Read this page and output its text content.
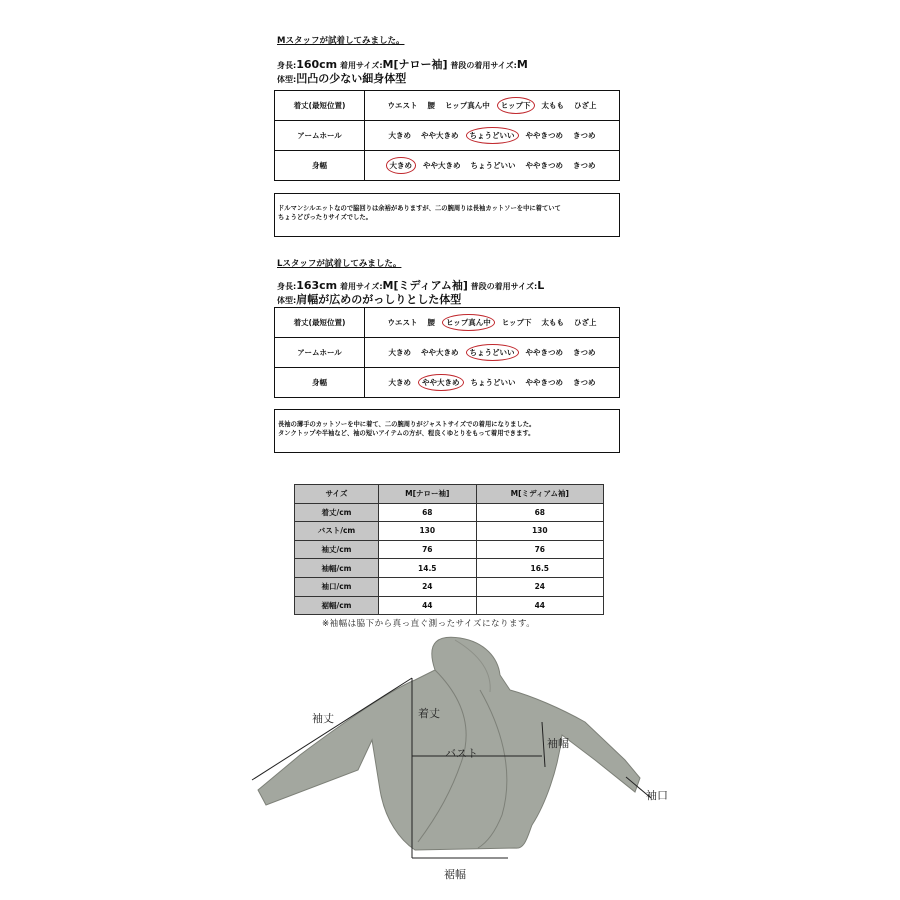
Mスタッフが試着してみました。
身長:160cm 着用サイズ:M[ナロー袖] 普段の着用サイズ:M
体型:凹凸の少ない細身体型
着丈(最短位置)	ウエスト 腰 ヒップ真ん中 ヒップ下 太もも ひざ上
アームホール	大きめ やや大きめ ちょうどいい ややきつめ きつめ
身幅	大きめ やや大きめ ちょうどいい ややきつめ きつめ
ドルマンシルエットなので脇回りは余裕がありますが、二の腕周りは長袖カットソーを中に着ていて
ちょうどぴったりサイズでした。
Lスタッフが試着してみました。
身長:163cm 着用サイズ:M[ミディアム袖] 普段の着用サイズ:L
体型:肩幅が広めのがっしりとした体型
着丈(最短位置)	ウエスト 腰 ヒップ真ん中 ヒップ下 太もも ひざ上
アームホール	大きめ やや大きめ ちょうどいい ややきつめ きつめ
身幅	大きめ やや大きめ ちょうどいい ややきつめ きつめ
長袖の薄手のカットソーを中に着て、二の腕周りがジャストサイズでの着用になりました。
タンクトップや半袖など、袖の短いアイテムの方が、程良くゆとりをもって着用できます。
サイズ	M[ナロー袖]	M[ミディアム袖]
着丈/cm	68	68
バスト/cm	130	130
袖丈/cm	76	76
袖幅/cm	14.5	16.5
袖口/cm	24	24
裾幅/cm	44	44
※袖幅は脇下から真っ直ぐ測ったサイズになります。
袖丈	着丈
バスト
袖幅
袖口
裾幅
